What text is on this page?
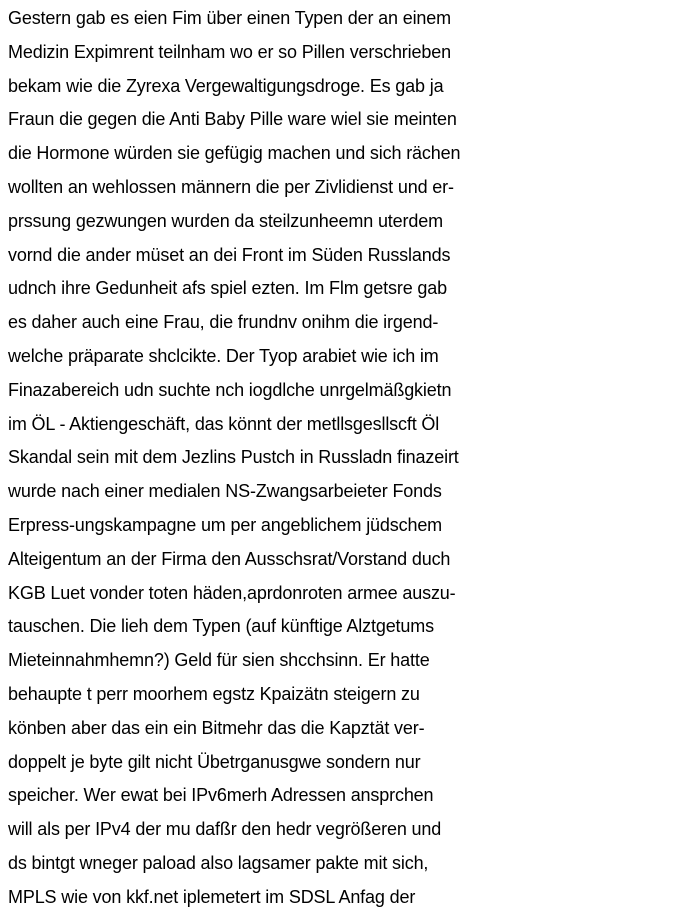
Gestern gab es eien Fim über einen Typen der an einem
Medizin Expimrent teilnham wo er so Pillen verschrieben
bekam wie die Zyrexa Vergewaltigungsdroge. Es gab ja
Fraun die gegen die Anti Baby Pille ware wiel sie meinten
die Hormone würden sie gefügig machen und sich rächen
wollten an wehlossen männern die per Zivlidienst und er-
prssung gezwungen wurden da steilzunheemn uterdem
vornd die ander müset an dei Front im Süden Russlands
udnch ihre Gedunheit afs spiel ezten. Im Flm getsre gab
es daher auch eine Frau, die frundnv onihm die irgend-
welche präparate shclcikte. Der Tyop arabiet wie ich im
Finazabereich udn suchte nch iogdlche unrgelmäßgkietn
im ÖL - Aktiengeschäft, das könnt der metllsgesllscft Öl
Skandal sein mit dem Jezlins Pustch in Russladn finazeirt
wurde nach einer medialen NS-Zwangsarbeieter Fonds
Erpress-ungskampagne um per angeblichem jüdschem
Alteigentum an der Firma den Ausschsrat/Vorstand duch
KGB Luet vonder toten häden,aprdonroten armee auszu-
tauschen. Die lieh dem Typen (auf künftige Alztgetums
Mieteinnahmhemn?) Geld für sien shcchsinn. Er hatte
behaupte t perr moorhem egstz Kpaizätn steigern zu
könben aber das ein ein Bitmehr das die Kapztät ver-
doppelt je byte gilt nicht Übetrganusgwe sondern nur
speicher. Wer ewat bei IPv6merh Adressen ansprchen
will als per IPv4 der mu dafßr den hedr vegrößeren und
ds bintgt wneger paload also lagsamer pakte mit sich,
MPLS wie von kkf.net iplemetert im SDSL Anfag der
